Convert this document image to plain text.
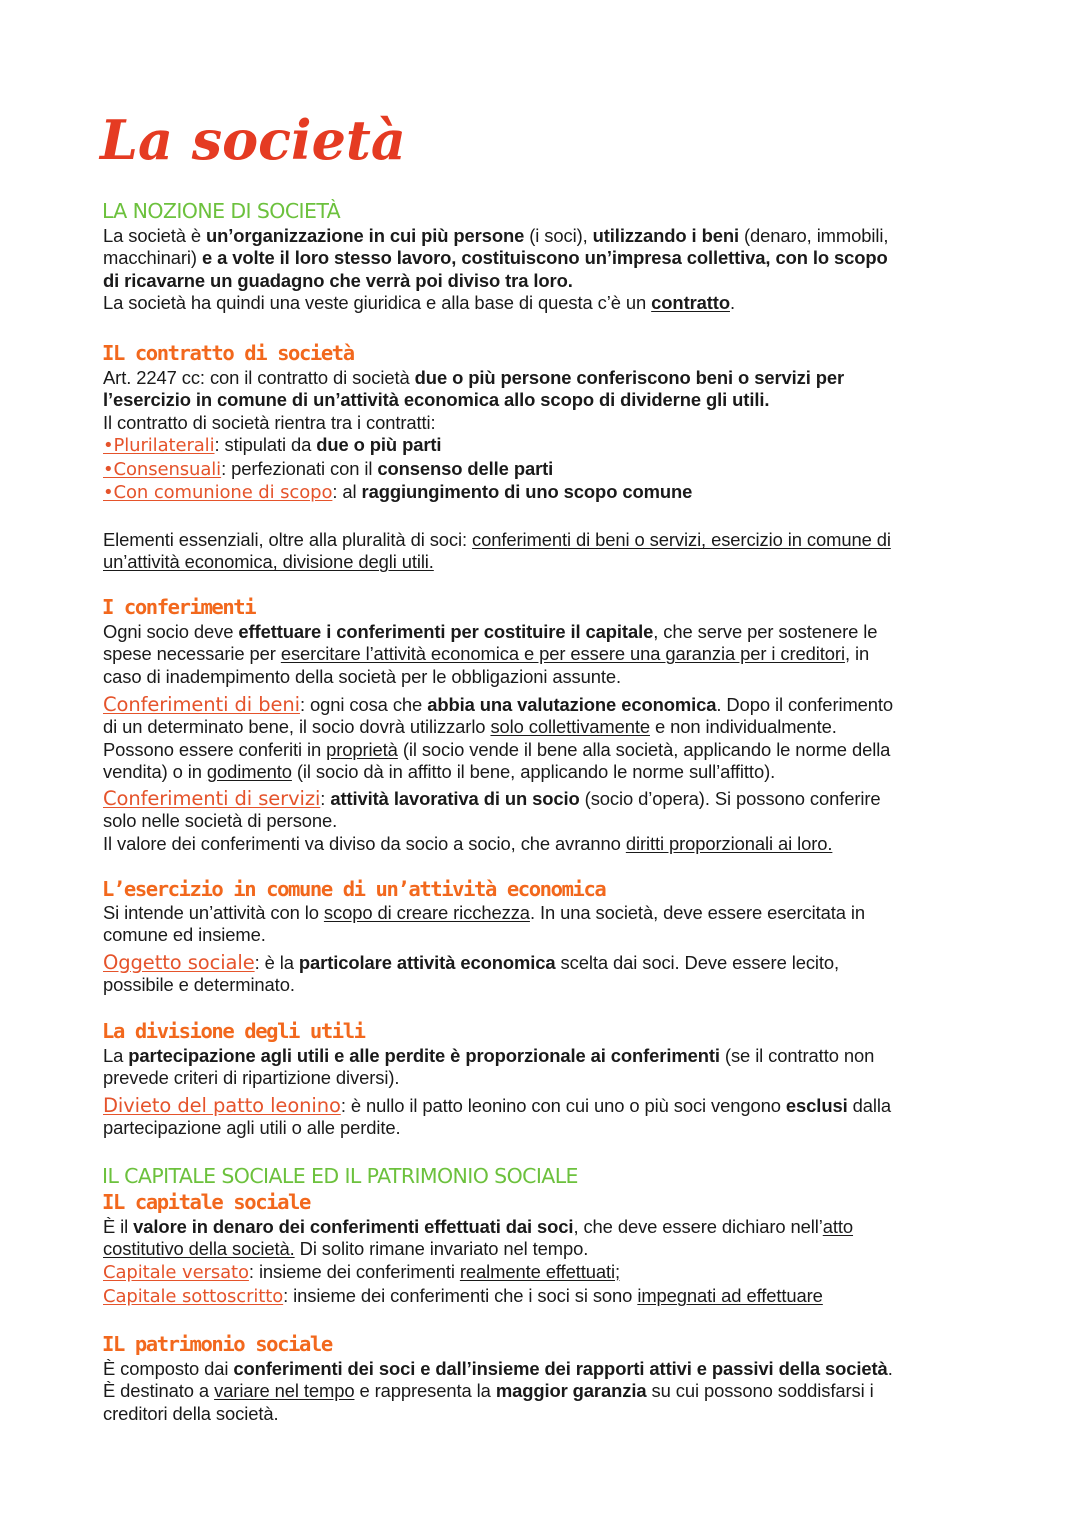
La società
LA NOZIONE DI SOCIETÀ
La società è un’organizzazione in cui più persone (i soci), utilizzando i beni (denaro, immobili,
macchinari) e a volte il loro stesso lavoro, costituiscono un’impresa collettiva, con lo scopo
di ricavarne un guadagno che verrà poi diviso tra loro.
La società ha quindi una veste giuridica e alla base di questa c’è un contratto.
IL contratto di società
Art. 2247 cc: con il contratto di società due o più persone conferiscono beni o servizi per
l’esercizio in comune di un’attività economica allo scopo di dividerne gli utili.
Il contratto di società rientra tra i contratti:
•Plurilaterali: stipulati da due o più parti
•Consensuali: perfezionati con il consenso delle parti
•Con comunione di scopo: al raggiungimento di uno scopo comune
Elementi essenziali, oltre alla pluralità di soci: conferimenti di beni o servizi, esercizio in comune di
un’attività economica, divisione degli utili.
I conferimenti
Ogni socio deve effettuare i conferimenti per costituire il capitale, che serve per sostenere le
spese necessarie per esercitare l’attività economica e per essere una garanzia per i creditori, in
caso di inadempimento della società per le obbligazioni assunte.
Conferimenti di beni: ogni cosa che abbia una valutazione economica. Dopo il conferimento
di un determinato bene, il socio dovrà utilizzarlo solo collettivamente e non individualmente.
Possono essere conferiti in proprietà (il socio vende il bene alla società, applicando le norme della
vendita) o in godimento (il socio dà in affitto il bene, applicando le norme sull’affitto).
Conferimenti di servizi: attività lavorativa di un socio (socio d’opera). Si possono conferire
solo nelle società di persone.
Il valore dei conferimenti va diviso da socio a socio, che avranno diritti proporzionali ai loro.
L’esercizio in comune di un’attività economica
Si intende un’attività con lo scopo di creare ricchezza. In una società, deve essere esercitata in
comune ed insieme.
Oggetto sociale: è la particolare attività economica scelta dai soci. Deve essere lecito,
possibile e determinato.
La divisione degli utili
La partecipazione agli utili e alle perdite è proporzionale ai conferimenti (se il contratto non
prevede criteri di ripartizione diversi).
Divieto del patto leonino: è nullo il patto leonino con cui uno o più soci vengono esclusi dalla
partecipazione agli utili o alle perdite.
IL CAPITALE SOCIALE ED IL PATRIMONIO SOCIALE
IL capitale sociale
È il valore in denaro dei conferimenti effettuati dai soci, che deve essere dichiaro nell’atto
costitutivo della società. Di solito rimane invariato nel tempo.
Capitale versato: insieme dei conferimenti realmente effettuati;
Capitale sottoscritto: insieme dei conferimenti che i soci si sono impegnati ad effettuare
IL patrimonio sociale
È composto dai conferimenti dei soci e dall’insieme dei rapporti attivi e passivi della società.
È destinato a variare nel tempo e rappresenta la maggior garanzia su cui possono soddisfarsi i
creditori della società.
